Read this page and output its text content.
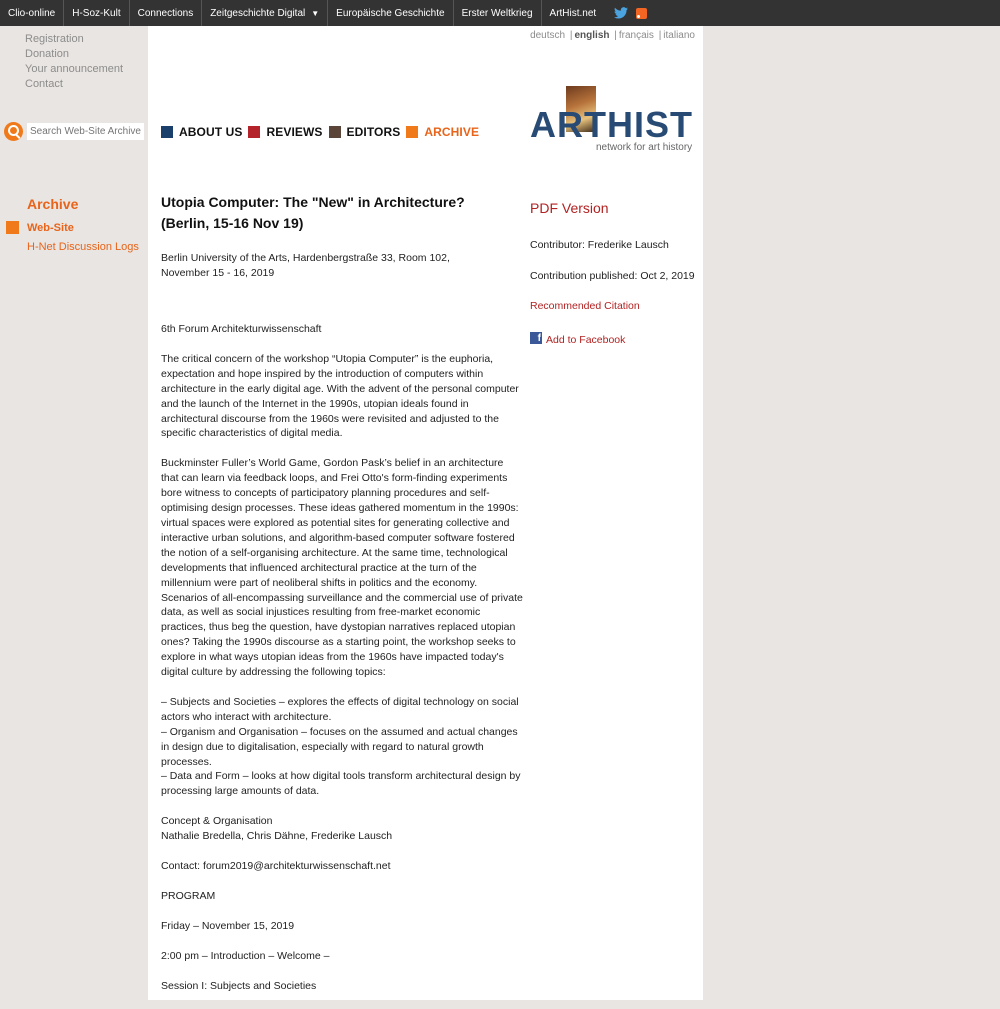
Clio-online H-Soz-Kult Connections Zeitgeschichte Digital ▼ Europäische Geschichte Erster Weltkrieg ArtHist.net
Registration
Donation
Your announcement
Contact
Search Web-Site Archive
Archive
Web-Site
H-Net Discussion Logs
deutsch | english | français | italiano
ABOUT US REVIEWS EDITORS ARCHIVE ARTHIST
network for art history
Utopia Computer: The "New" in Architecture? (Berlin, 15-16 Nov 19)
Berlin University of the Arts, Hardenbergstraße 33, Room 102, November 15 - 16, 2019

6th Forum Architekturwissenschaft

The critical concern of the workshop “Utopia Computer” is the euphoria, expectation and hope inspired by the introduction of computers within architecture in the early digital age. With the advent of the personal computer and the launch of the Internet in the 1990s, utopian ideals found in architectural discourse from the 1960s were revisited and adjusted to the specific characteristics of digital media.

Buckminster Fuller’s World Game, Gordon Pask’s belief in an architecture that can learn via feedback loops, and Frei Otto's form-finding experiments bore witness to concepts of participatory planning procedures and self-optimising design processes. These ideas gathered momentum in the 1990s: virtual spaces were explored as potential sites for generating collective and interactive urban solutions, and algorithm-based computer software fostered the notion of a self-organising architecture. At the same time, technological developments that influenced architectural practice at the turn of the millennium were part of neoliberal shifts in politics and the economy. Scenarios of all-encompassing surveillance and the commercial use of private data, as well as social injustices resulting from free-market economic practices, thus beg the question, have dystopian narratives replaced utopian ones? Taking the 1990s discourse as a starting point, the workshop seeks to explore in what ways utopian ideas from the 1960s have impacted today's digital culture by addressing the following topics:

– Subjects and Societies – explores the effects of digital technology on social actors who interact with architecture.
– Organism and Organisation – focuses on the assumed and actual changes in design due to digitalisation, especially with regard to natural growth processes.
– Data and Form – looks at how digital tools transform architectural design by processing large amounts of data.

Concept & Organisation
Nathalie Bredella, Chris Dähne, Frederike Lausch

Contact: forum2019@architekturwissenschaft.net

PROGRAM

Friday – November 15, 2019

2:00 pm – Introduction – Welcome –

Session I: Subjects and Societies

PDF Version
Contributor: Frederike Lausch
Contribution published: Oct 2, 2019
Recommended Citation
f Add to Facebook
